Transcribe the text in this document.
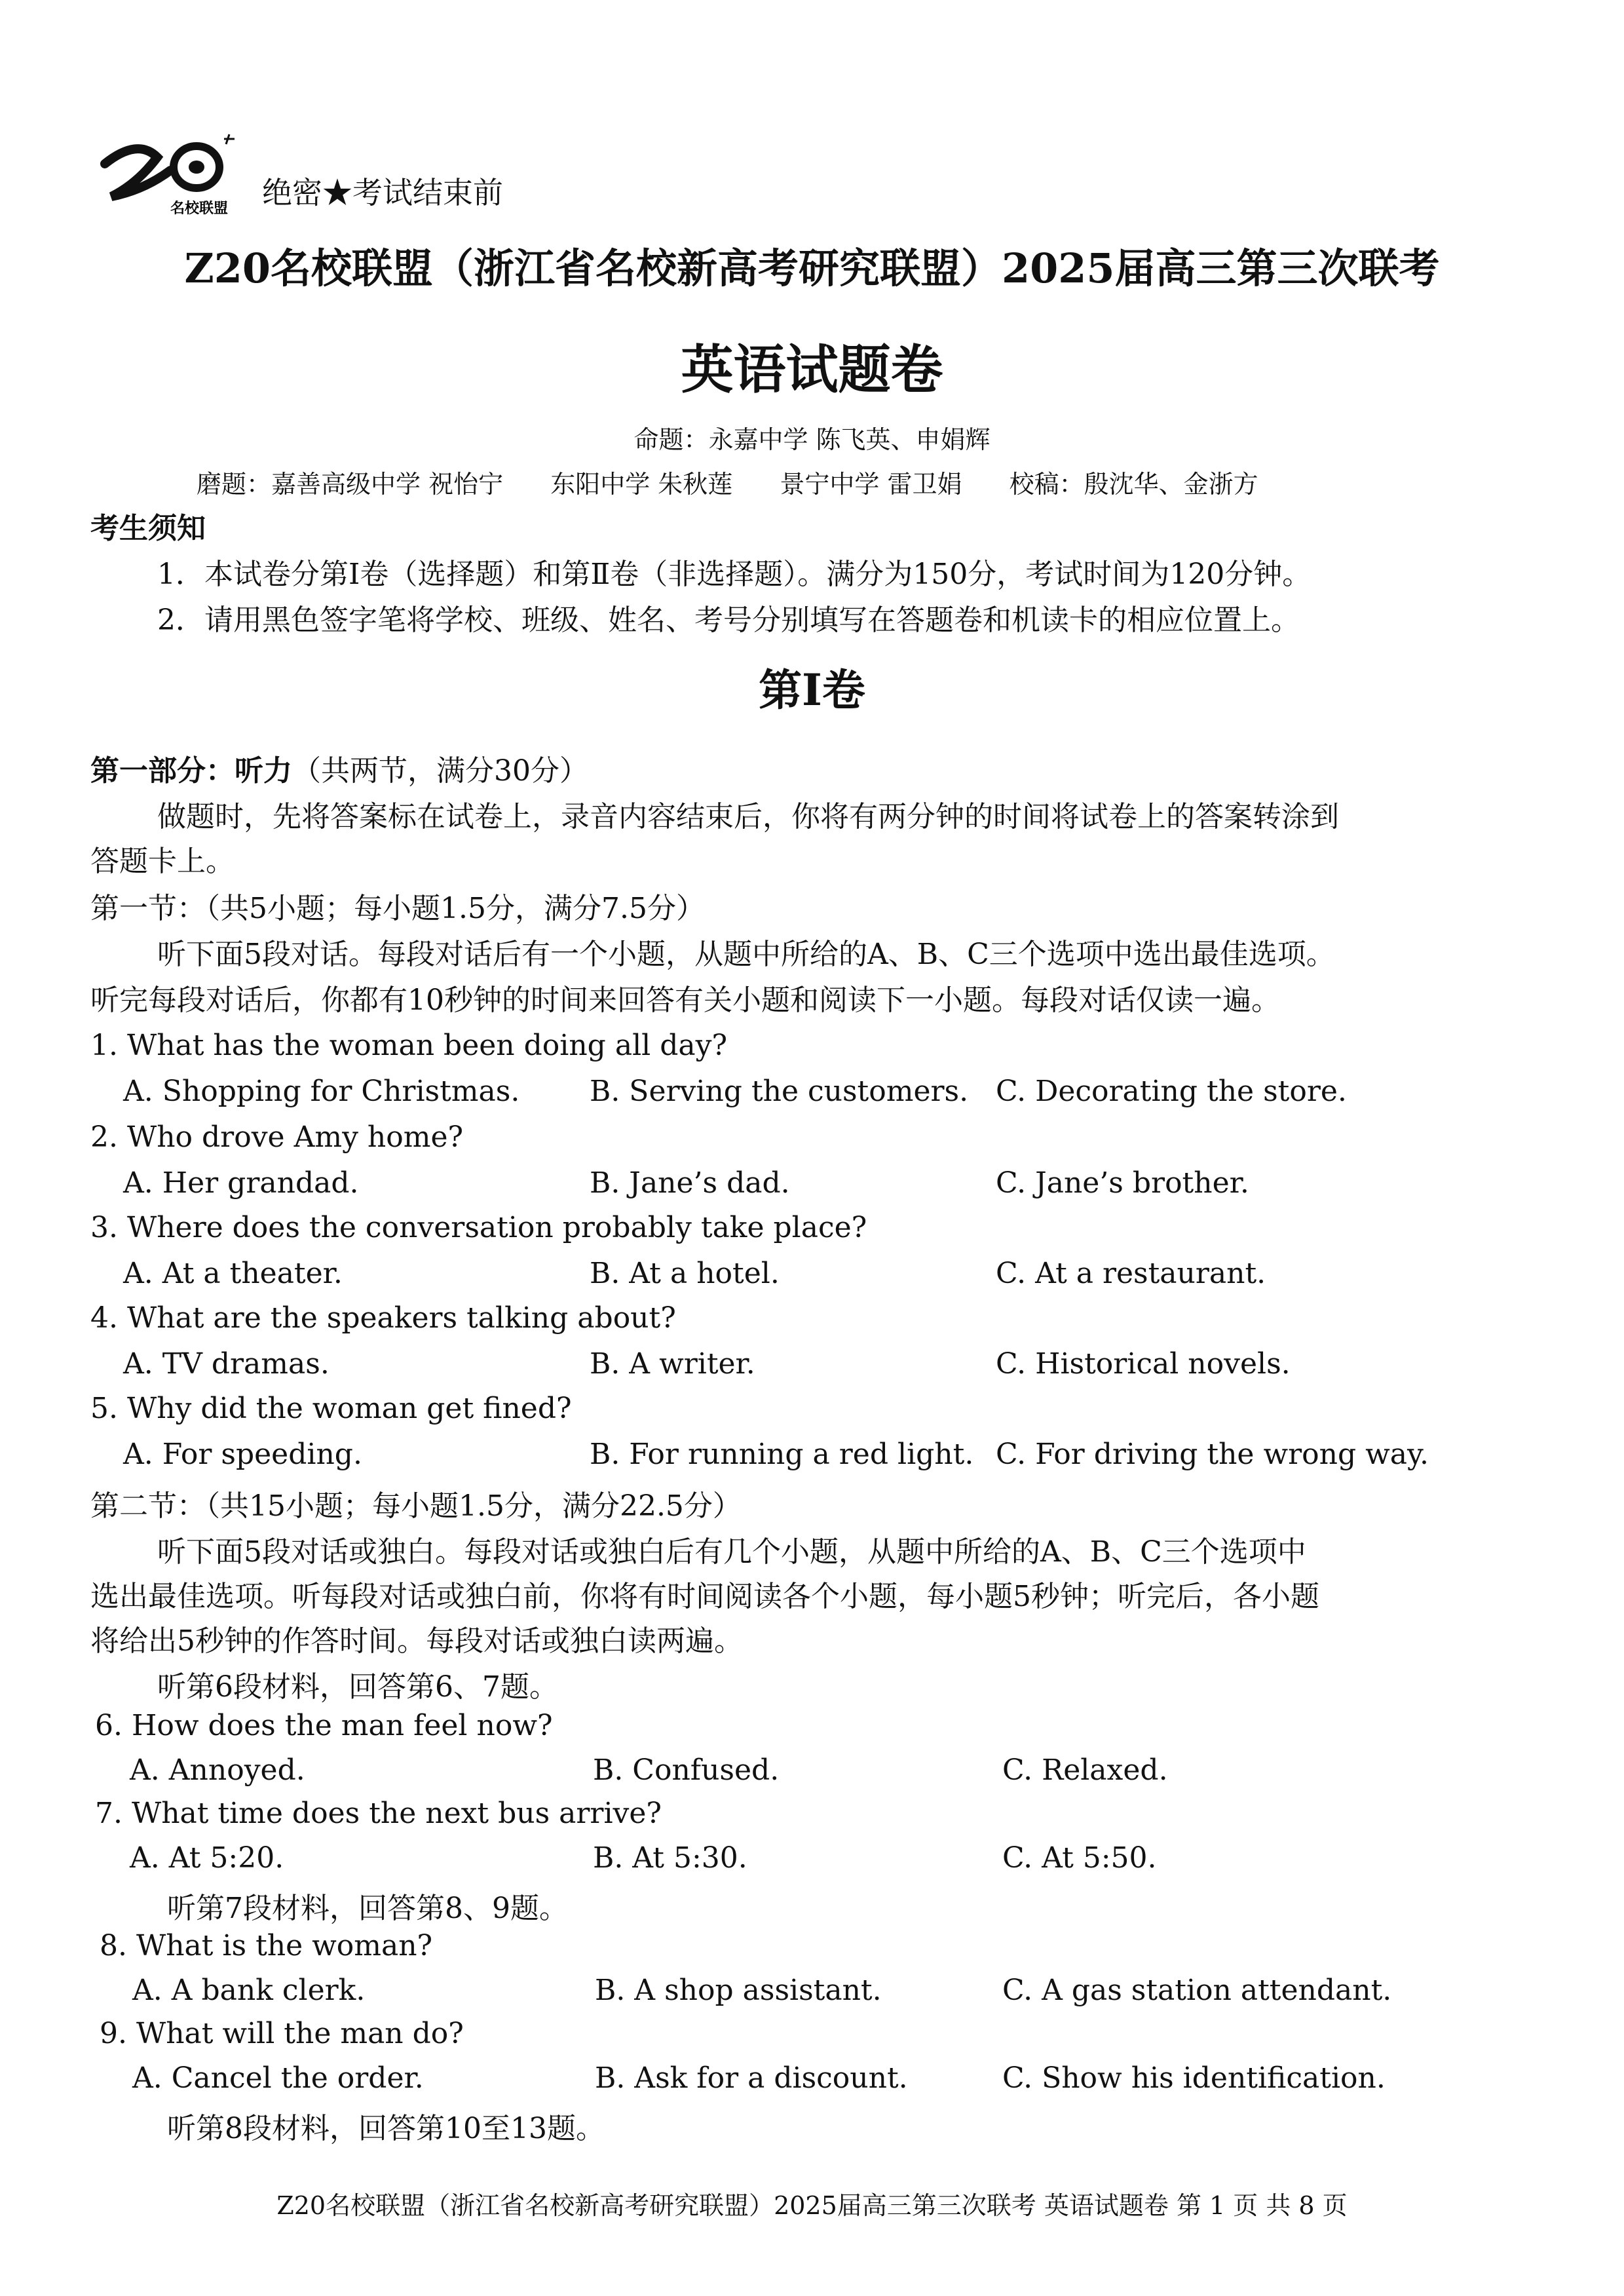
名校联盟 绝密★考试结束前
Z20名校联盟（浙江省名校新高考研究联盟）2025届高三第三次联考
英语试题卷
命题：永嘉中学 陈飞英、申娟辉
磨题：嘉善高级中学 祝怡宁 东阳中学 朱秋莲 景宁中学 雷卫娟 校稿：殷沈华、金浙方
考生须知
1．本试卷分第Ⅰ卷（选择题）和第Ⅱ卷（非选择题）。满分为150分，考试时间为120分钟。
2．请用黑色签字笔将学校、班级、姓名、考号分别填写在答题卷和机读卡的相应位置上。
第Ⅰ卷
第一部分：听力（共两节，满分30分）
做题时，先将答案标在试卷上，录音内容结束后，你将有两分钟的时间将试卷上的答案转涂到
答题卡上。
第一节：（共5小题；每小题1.5分，满分7.5分）
听下面5段对话。每段对话后有一个小题，从题中所给的A、B、C三个选项中选出最佳选项。
听完每段对话后，你都有10秒钟的时间来回答有关小题和阅读下一小题。每段对话仅读一遍。
1. What has the woman been doing all day?
A. Shopping for Christmas. B. Serving the customers. C. Decorating the store.
2. Who drove Amy home?
A. Her grandad.	B. Jane’s dad.	C. Jane’s brother.
3. Where does the conversation probably take place?
A. At a theater.	B. At a hotel.	C. At a restaurant.
4. What are the speakers talking about?
A. TV dramas.	B. A writer.	C. Historical novels.
5. Why did the woman get fined?
A. For speeding.	B. For running a red light. C. For driving the wrong way.
第二节：（共15小题；每小题1.5分，满分22.5分）
听下面5段对话或独白。每段对话或独白后有几个小题，从题中所给的A、B、C三个选项中
选出最佳选项。听每段对话或独白前，你将有时间阅读各个小题，每小题5秒钟；听完后，各小题
将给出5秒钟的作答时间。每段对话或独白读两遍。
听第6段材料，回答第6、7题。
6. How does the man feel now?
A. Annoyed.	B. Confused.	C. Relaxed.
7. What time does the next bus arrive?
A. At 5:20.	B. At 5:30.	C. At 5:50.
听第7段材料，回答第8、9题。
8. What is the woman?
A. A bank clerk.	B. A shop assistant.	C. A gas station attendant.
9. What will the man do?
A. Cancel the order.	B. Ask for a discount.	C. Show his identification.
听第8段材料，回答第10至13题。
Z20名校联盟（浙江省名校新高考研究联盟）2025届高三第三次联考 英语试题卷 第 1 页 共 8 页
